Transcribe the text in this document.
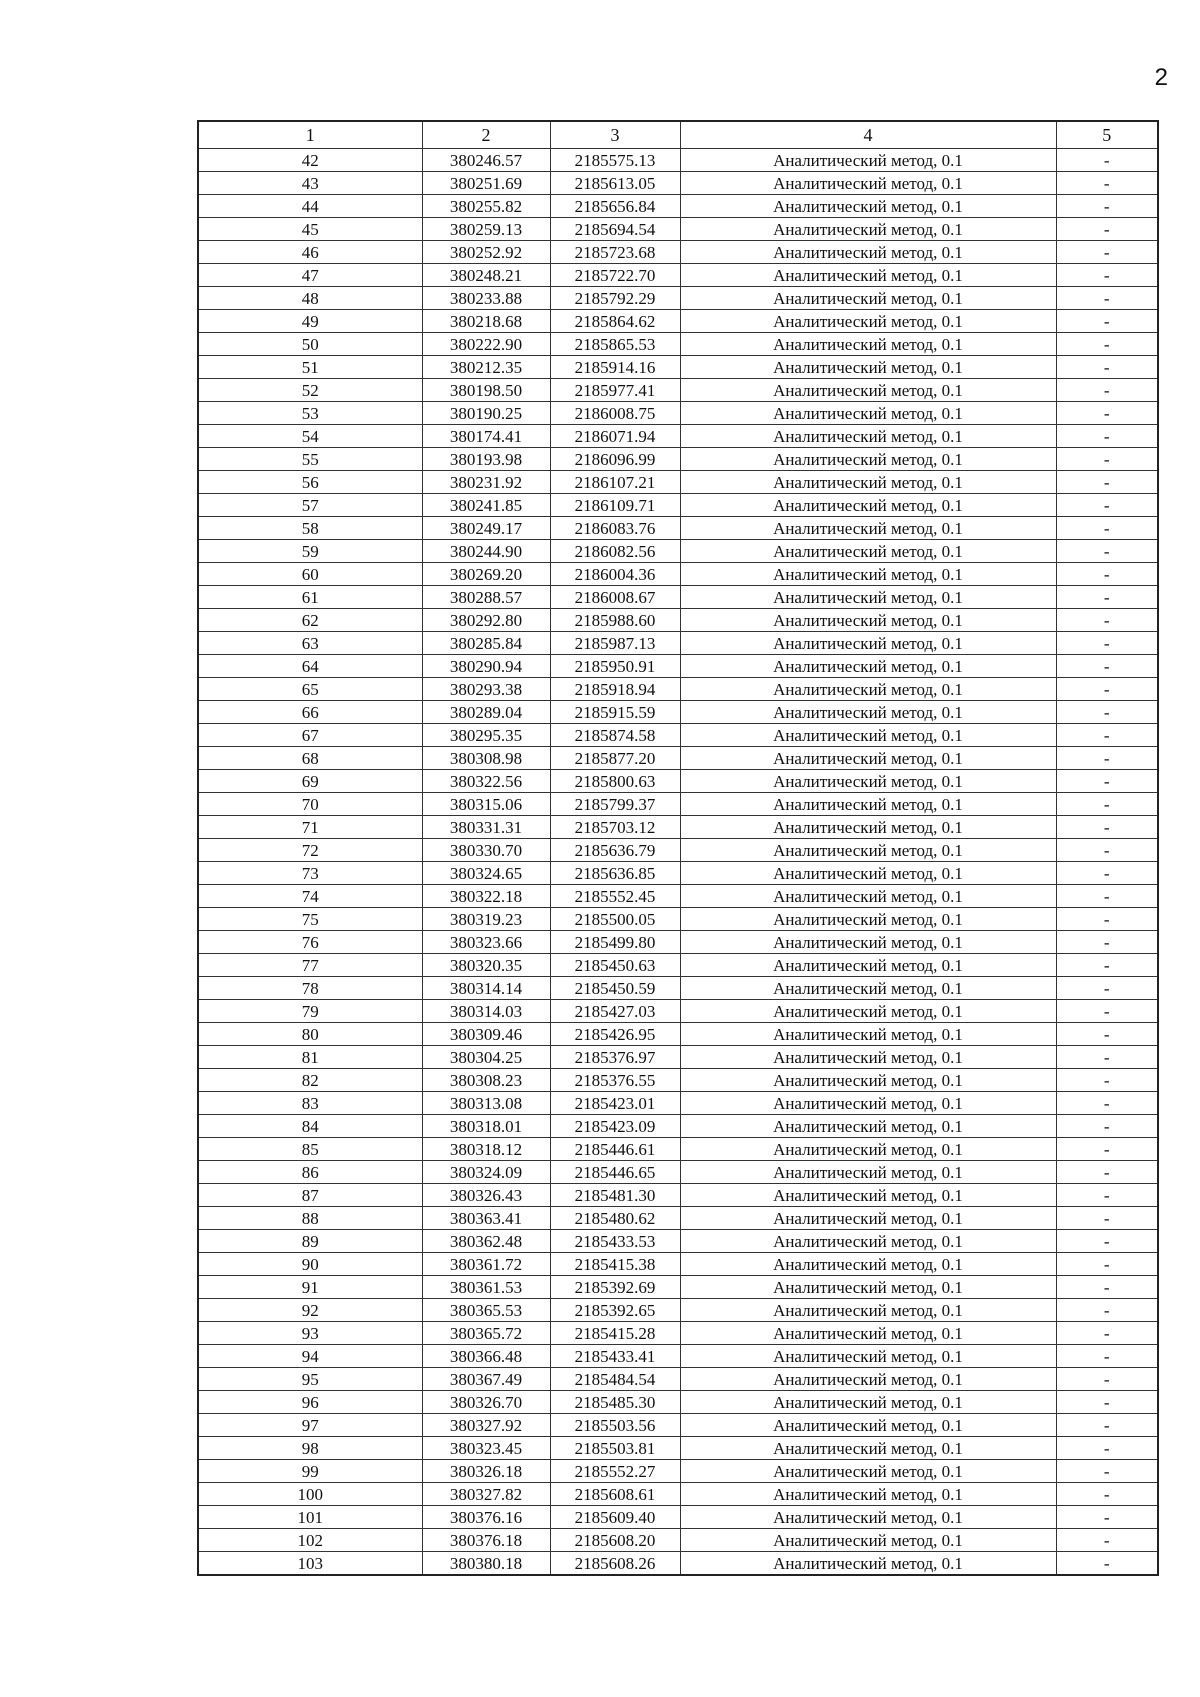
2
1	2	3	4	5
42	380246.57	2185575.13	Аналитический метод, 0.1	-
43	380251.69	2185613.05	Аналитический метод, 0.1	-
44	380255.82	2185656.84	Аналитический метод, 0.1	-
45	380259.13	2185694.54	Аналитический метод, 0.1	-
46	380252.92	2185723.68	Аналитический метод, 0.1	-
47	380248.21	2185722.70	Аналитический метод, 0.1	-
48	380233.88	2185792.29	Аналитический метод, 0.1	-
49	380218.68	2185864.62	Аналитический метод, 0.1	-
50	380222.90	2185865.53	Аналитический метод, 0.1	-
51	380212.35	2185914.16	Аналитический метод, 0.1	-
52	380198.50	2185977.41	Аналитический метод, 0.1	-
53	380190.25	2186008.75	Аналитический метод, 0.1	-
54	380174.41	2186071.94	Аналитический метод, 0.1	-
55	380193.98	2186096.99	Аналитический метод, 0.1	-
56	380231.92	2186107.21	Аналитический метод, 0.1	-
57	380241.85	2186109.71	Аналитический метод, 0.1	-
58	380249.17	2186083.76	Аналитический метод, 0.1	-
59	380244.90	2186082.56	Аналитический метод, 0.1	-
60	380269.20	2186004.36	Аналитический метод, 0.1	-
61	380288.57	2186008.67	Аналитический метод, 0.1	-
62	380292.80	2185988.60	Аналитический метод, 0.1	-
63	380285.84	2185987.13	Аналитический метод, 0.1	-
64	380290.94	2185950.91	Аналитический метод, 0.1	-
65	380293.38	2185918.94	Аналитический метод, 0.1	-
66	380289.04	2185915.59	Аналитический метод, 0.1	-
67	380295.35	2185874.58	Аналитический метод, 0.1	-
68	380308.98	2185877.20	Аналитический метод, 0.1	-
69	380322.56	2185800.63	Аналитический метод, 0.1	-
70	380315.06	2185799.37	Аналитический метод, 0.1	-
71	380331.31	2185703.12	Аналитический метод, 0.1	-
72	380330.70	2185636.79	Аналитический метод, 0.1	-
73	380324.65	2185636.85	Аналитический метод, 0.1	-
74	380322.18	2185552.45	Аналитический метод, 0.1	-
75	380319.23	2185500.05	Аналитический метод, 0.1	-
76	380323.66	2185499.80	Аналитический метод, 0.1	-
77	380320.35	2185450.63	Аналитический метод, 0.1	-
78	380314.14	2185450.59	Аналитический метод, 0.1	-
79	380314.03	2185427.03	Аналитический метод, 0.1	-
80	380309.46	2185426.95	Аналитический метод, 0.1	-
81	380304.25	2185376.97	Аналитический метод, 0.1	-
82	380308.23	2185376.55	Аналитический метод, 0.1	-
83	380313.08	2185423.01	Аналитический метод, 0.1	-
84	380318.01	2185423.09	Аналитический метод, 0.1	-
85	380318.12	2185446.61	Аналитический метод, 0.1	-
86	380324.09	2185446.65	Аналитический метод, 0.1	-
87	380326.43	2185481.30	Аналитический метод, 0.1	-
88	380363.41	2185480.62	Аналитический метод, 0.1	-
89	380362.48	2185433.53	Аналитический метод, 0.1	-
90	380361.72	2185415.38	Аналитический метод, 0.1	-
91	380361.53	2185392.69	Аналитический метод, 0.1	-
92	380365.53	2185392.65	Аналитический метод, 0.1	-
93	380365.72	2185415.28	Аналитический метод, 0.1	-
94	380366.48	2185433.41	Аналитический метод, 0.1	-
95	380367.49	2185484.54	Аналитический метод, 0.1	-
96	380326.70	2185485.30	Аналитический метод, 0.1	-
97	380327.92	2185503.56	Аналитический метод, 0.1	-
98	380323.45	2185503.81	Аналитический метод, 0.1	-
99	380326.18	2185552.27	Аналитический метод, 0.1	-
100	380327.82	2185608.61	Аналитический метод, 0.1	-
101	380376.16	2185609.40	Аналитический метод, 0.1	-
102	380376.18	2185608.20	Аналитический метод, 0.1	-
103	380380.18	2185608.26	Аналитический метод, 0.1	-
